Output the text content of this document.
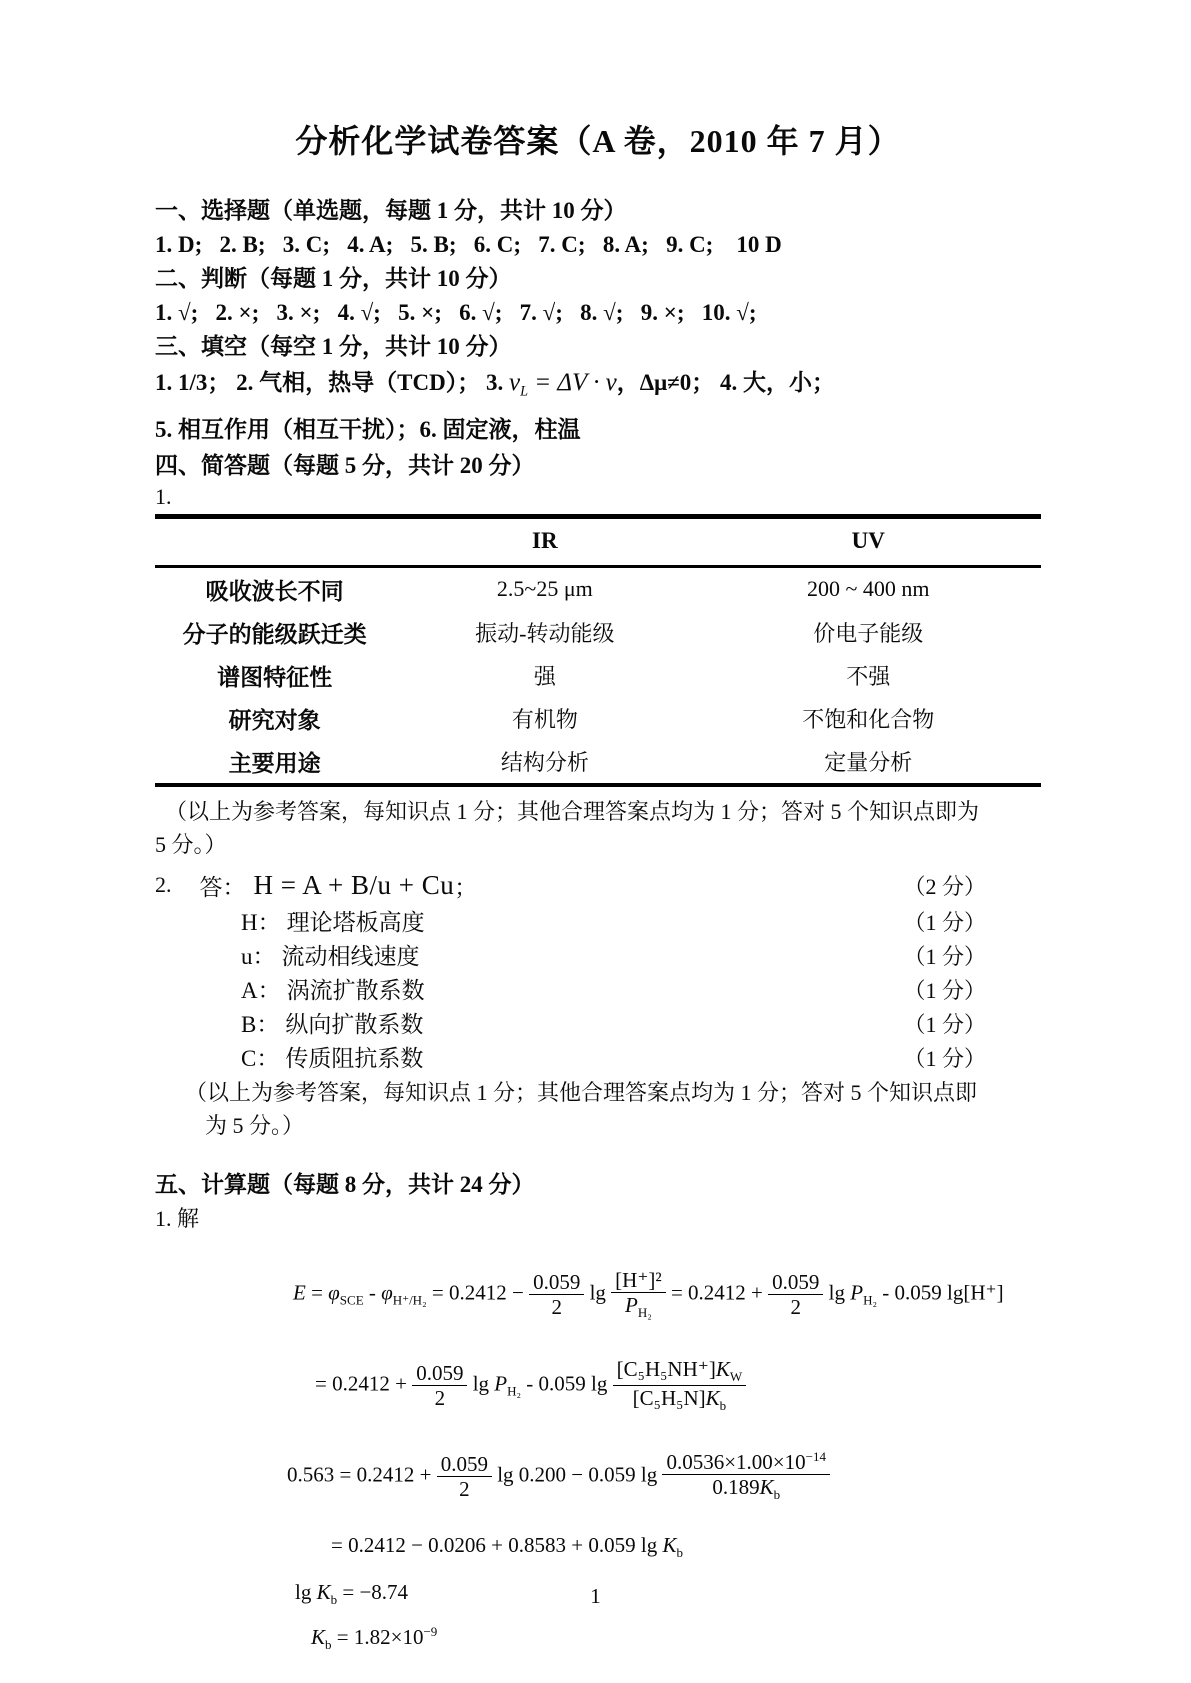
分析化学试卷答案（A 卷，2010 年 7 月）
一、选择题（单选题，每题 1 分，共计 10 分）
1. D;   2. B;   3. C;   4. A;   5. B;   6. C;   7. C;   8. A;   9. C;    10 D
二、判断（每题 1 分，共计 10 分）
1. √;   2. ×;   3. ×;   4. √;   5. ×;   6. √;   7. √;   8. √;   9. ×;   10. √;
三、填空（每空 1 分，共计 10 分）
1. 1/3； 2. 气相，热导（TCD）； 3. $v_L = \Delta V \cdot v$，Δμ≠0； 4. 大，小；
5. 相互作用（相互干扰）；6. 固定液，柱温
四、简答题（每题 5 分，共计 20 分）
1.
	IR	UV
吸收波长不同	2.5~25 μm	200 ~ 400 nm
分子的能级跃迁类	振动-转动能级	价电子能级
谱图特征性	强	不强
研究对象	有机物	不饱和化合物
主要用途	结构分析	定量分析
（以上为参考答案，每知识点 1 分；其他合理答案点均为 1 分；答对 5 个知识点即为
5 分。）
2. 答： H = A + B/u + Cu ；	（2 分）
H： 理论塔板高度	（1 分）
u： 流动相线速度	（1 分）
A： 涡流扩散系数	（1 分）
B： 纵向扩散系数	（1 分）
C： 传质阻抗系数	（1 分）
（以上为参考答案，每知识点 1 分；其他合理答案点均为 1 分；答对 5 个知识点即
为 5 分。）
五、计算题（每题 8 分，共计 24 分）
1. 解
$E = \varphi_{SCE} - \varphi_{H^+/H_2} = 0.2412 - \frac{0.059}{2}$ $\lg \frac{\text{[H⁺]²}}{P_{H_2}} = 0.2412 + \frac{0.059}{2}$ $\lg P_{H_2} - 0.059$ lg[H⁺]
= $0.2412 + \frac{0.059}{2}$ $\lg P_{H_2} - 0.059$ $\lg \frac{[C_5H_5NH^+]K_W}{[C_5H_5N]K_b}$
$0.563 = 0.2412 + \frac{0.059}{2}$ lg 0.200 − 0.059 $\lg \frac{0.0536\times 1.00\times 10^{-14}}{0.189K_b}$
= 0.2412 − 0.0206 + 0.8583 + 0.059 $\lg K_b$
$\lg K_b = -8.74$
$K_b = 1.82\times 10^{-9}$
1
